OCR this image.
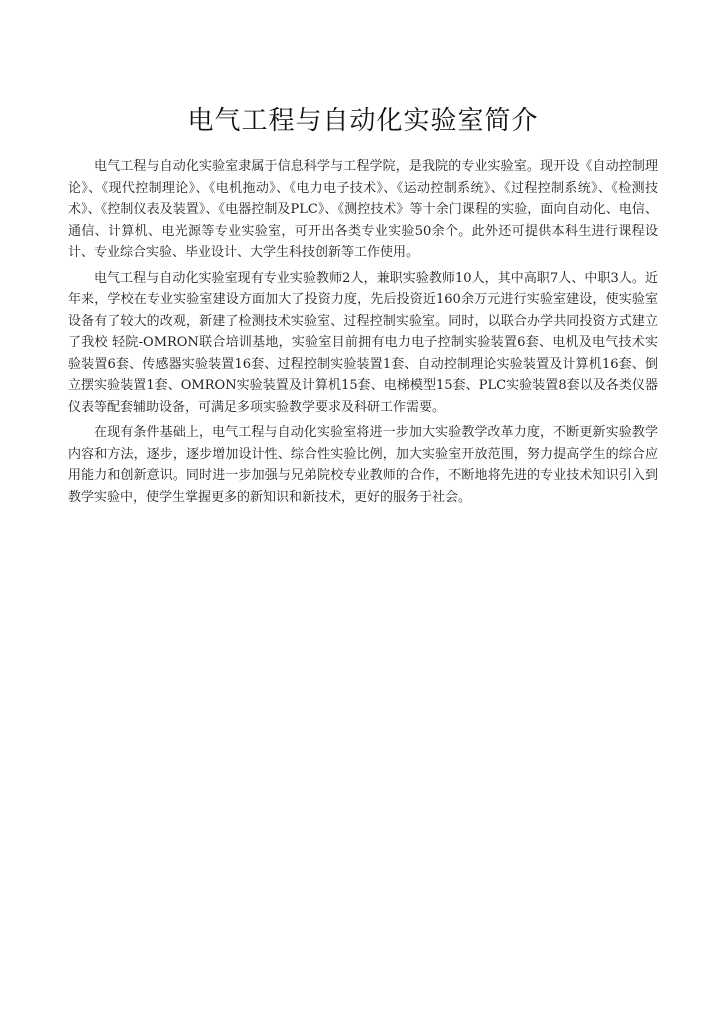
电气工程与自动化实验室简介

电气工程与自动化实验室隶属于信息科学与工程学院，是我院的专业实验室。现开设《自动控制理论》、《现代控制理论》、《电机拖动》、《电力电子技术》、《运动控制系统》、《过程控制系统》、《检测技术》、《控制仪表及装置》、《电器控制及PLC》、《测控技术》等十余门课程的实验，面向自动化、电信、通信、计算机、电光源等专业实验室，可开出各类专业实验50余个。此外还可提供本科生进行课程设计、专业综合实验、毕业设计、大学生科技创新等工作使用。

电气工程与自动化实验室现有专业实验教师2人，兼职实验教师10人，其中高职7人、中职3人。近年来，学校在专业实验室建设方面加大了投资力度，先后投资近160余万元进行实验室建设，使实验室设备有了较大的改观，新建了检测技术实验室、过程控制实验室。同时，以联合办学共同投资方式建立了我校 轻院-OMRON联合培训基地，实验室目前拥有电力电子控制实验装置6套、电机及电气技术实验装置6套、传感器实验装置16套、过程控制实验装置1套、自动控制理论实验装置及计算机16套、倒立摆实验装置1套、OMRON实验装置及计算机15套、电梯模型15套、PLC实验装置8套以及各类仪器仪表等配套辅助设备，可满足多项实验教学要求及科研工作需要。

在现有条件基础上，电气工程与自动化实验室将进一步加大实验教学改革力度，不断更新实验教学内容和方法，逐步，逐步增加设计性、综合性实验比例，加大实验室开放范围，努力提高学生的综合应用能力和创新意识。同时进一步加强与兄弟院校专业教师的合作，不断地将先进的专业技术知识引入到教学实验中，使学生掌握更多的新知识和新技术，更好的服务于社会。
